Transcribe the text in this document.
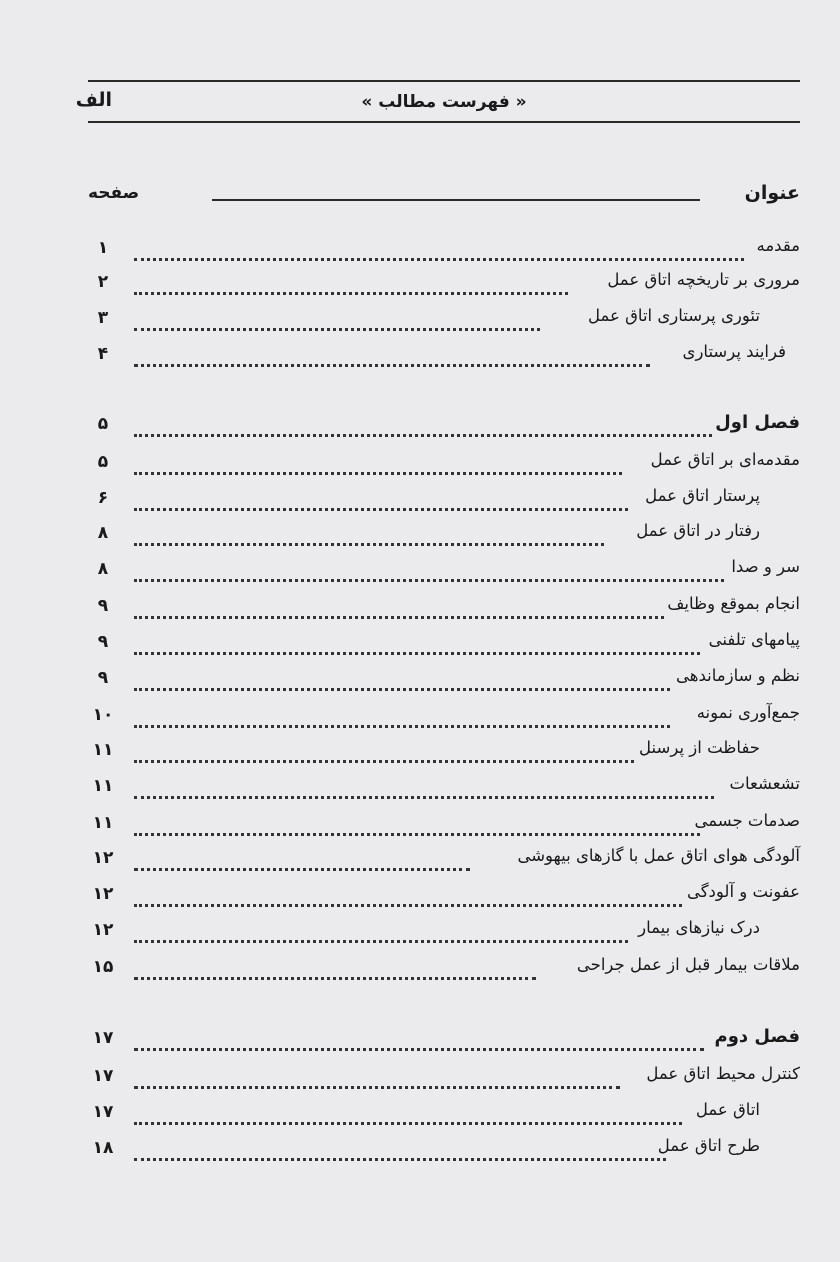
« فهرست مطالب »
الف
عنوان
صفحه
مقدمه
۱
مروری بر تاریخچه اتاق عمل
۲
تئوری پرستاری اتاق عمل
۳
فرایند پرستاری
۴
فصل اول
۵
مقدمه‌ای بر اتاق عمل
۵
پرستار اتاق عمل
۶
رفتار در اتاق عمل
۸
سر و صدا
۸
انجام بموقع وظایف
۹
پیامهای تلفنی
۹
نظم و سازماندهی
۹
جمع‌آوری نمونه
۱۰
حفاظت از پرسنل
۱۱
تشعشعات
۱۱
صدمات جسمی
۱۱
آلودگی هوای اتاق عمل با گازهای بیهوشی
۱۲
عفونت و آلودگی
۱۲
درک نیازهای بیمار
۱۲
ملاقات بیمار قبل از عمل جراحی
۱۵
فصل دوم
۱۷
کنترل محیط اتاق عمل
۱۷
اتاق عمل
۱۷
طرح اتاق عمل
۱۸
